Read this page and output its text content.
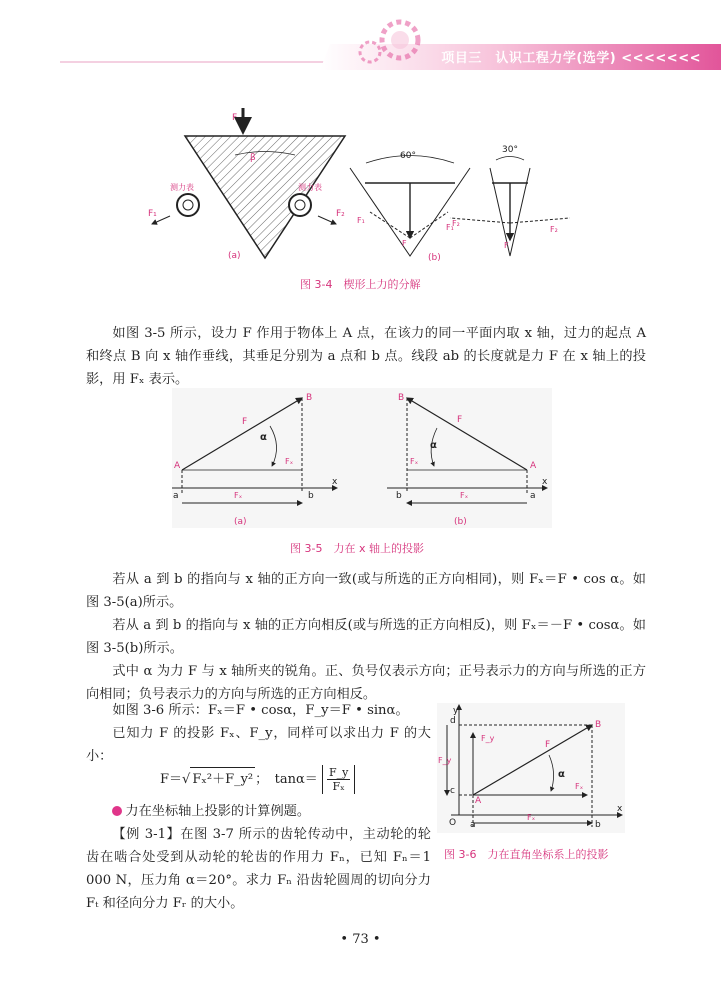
项目三　认识工程力学(选学) <<<<<<<
F
β
测力表	测力表
F₁	F₂
(a)
60°
F₁	F₂
F
30°
F₁	F₂
F
(b)
图 3-4　楔形上力的分解
如图 3-5 所示，设力 F 作用于物体上 A 点，在该力的同一平面内取 x 轴，过力的起点 A 和终点 B 向 x 轴作垂线，其垂足分别为 a 点和 b 点。线段 ab 的长度就是力 F 在 x 轴上的投影，用 Fₓ 表示。
A
B
F
α
Fₓ
x
a	b
Fₓ
(a)
B
A
F
α
Fₓ
x
b	a
Fₓ
(b)
图 3-5　力在 x 轴上的投影
若从 a 到 b 的指向与 x 轴的正方向一致(或与所选的正方向相同)，则 Fₓ＝F • cos α。如图 3-5(a)所示。
若从 a 到 b 的指向与 x 轴的正方向相反(或与所选的正方向相反)，则 Fₓ＝－F • cosα。如图 3-5(b)所示。
式中 α 为力 F 与 x 轴所夹的锐角。正、负号仅表示方向；正号表示力的方向与所选的正方向相同；负号表示力的方向与所选的正方向相反。
如图 3-6 所示：Fₓ＝F • cosα，F_y＝F • sinα。
已知力 F 的投影 Fₓ、F_y，同样可以求出力 F 的大小：
F＝√ Fₓ²＋F_y² ；　$\tan\alpha= \frac{F\_y}{\text{Fₓ}}$
力在坐标轴上投影的计算例题。
【例 3-1】在图 3-7 所示的齿轮传动中，主动轮的轮齿在啮合处受到从动轮的轮齿的作用力 Fₙ，已知 Fₙ＝1 000 N，压力角 α＝20°。求力 Fₙ 沿齿轮圆周的切向分力 Fₜ 和径向分力 Fᵣ 的大小。
y
x
d
c
O a	b
A
B
F
F_y
F_y
Fₓ
Fₓ
α
图 3-6　力在直角坐标系上的投影
• 73 •
